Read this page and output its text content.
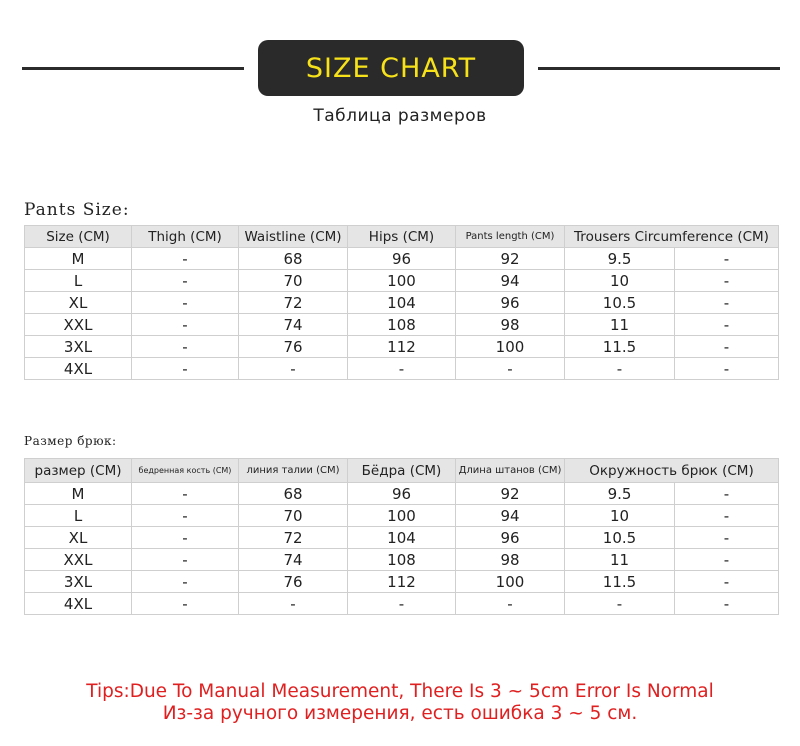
SIZE CHART
Таблица размеров
Pants Size:
Size (CM)	Thigh (CM)	Waistline (CM)	Hips (CM)	Pants length (CM)	Trousers Circumference (CM)	
M	-	68	96	92	9.5	-
L	-	70	100	94	10	-
XL	-	72	104	96	10.5	-
XXL	-	74	108	98	11	-
3XL	-	76	112	100	11.5	-
4XL	-	-	-	-	-	-
Размер брюк:
размер (CM)	бедренная кость (CM)	линия талии (CM)	Бёдра (CM)	Длина штанов (CM)	Окружность брюк (CM)	
M	-	68	96	92	9.5	-
L	-	70	100	94	10	-
XL	-	72	104	96	10.5	-
XXL	-	74	108	98	11	-
3XL	-	76	112	100	11.5	-
4XL	-	-	-	-	-	-
Tips:Due To Manual Measurement, There Is 3 ~ 5cm Error Is Normal
Из-за ручного измерения, есть ошибка 3 ~ 5 см.
